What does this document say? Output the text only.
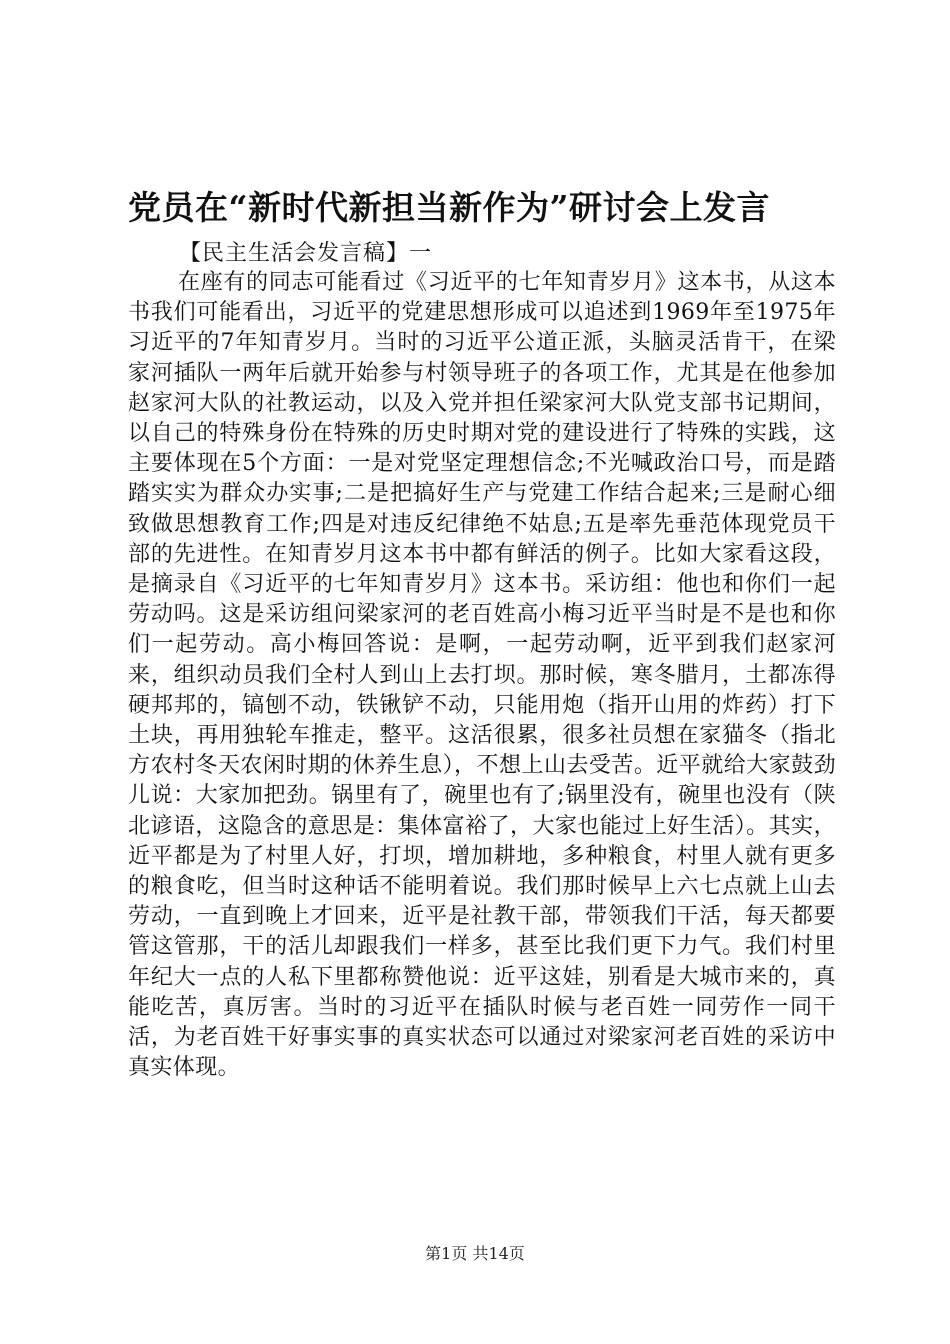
党员在“新时代新担当新作为”研讨会上发言
【民主生活会发言稿】一

在座有的同志可能看过《习近平的七年知青岁月》这本书，从这本书我们可能看出，习近平的党建思想形成可以追述到1969年至1975年习近平的7年知青岁月。当时的习近平公道正派，头脑灵活肯干，在梁家河插队一两年后就开始参与村领导班子的各项工作，尤其是在他参加赵家河大队的社教运动，以及入党并担任梁家河大队党支部书记期间，以自己的特殊身份在特殊的历史时期对党的建设进行了特殊的实践，这主要体现在5个方面：一是对党坚定理想信念;不光喊政治口号，而是踏踏实实为群众办实事;二是把搞好生产与党建工作结合起来;三是耐心细致做思想教育工作;四是对违反纪律绝不姑息;五是率先垂范体现党员干部的先进性。在知青岁月这本书中都有鲜活的例子。比如大家看这段，是摘录自《习近平的七年知青岁月》这本书。采访组：他也和你们一起劳动吗。这是采访组问梁家河的老百姓高小梅习近平当时是不是也和你们一起劳动。高小梅回答说：是啊，一起劳动啊，近平到我们赵家河来，组织动员我们全村人到山上去打坝。那时候，寒冬腊月，土都冻得硬邦邦的，镐刨不动，铁锹铲不动，只能用炮（指开山用的炸药）打下土块，再用独轮车推走，整平。这活很累，很多社员想在家猫冬（指北方农村冬天农闲时期的休养生息），不想上山去受苦。近平就给大家鼓劲儿说：大家加把劲。锅里有了，碗里也有了;锅里没有，碗里也没有（陕北谚语，这隐含的意思是：集体富裕了，大家也能过上好生活）。其实，近平都是为了村里人好，打坝，增加耕地，多种粮食，村里人就有更多的粮食吃，但当时这种话不能明着说。我们那时候早上六七点就上山去劳动，一直到晚上才回来，近平是社教干部，带领我们干活，每天都要管这管那，干的活儿却跟我们一样多，甚至比我们更下力气。我们村里年纪大一点的人私下里都称赞他说：近平这娃，别看是大城市来的，真能吃苦，真厉害。当时的习近平在插队时候与老百姓一同劳作一同干活，为老百姓干好事实事的真实状态可以通过对梁家河老百姓的采访中真实体现。

第1页 共14页
